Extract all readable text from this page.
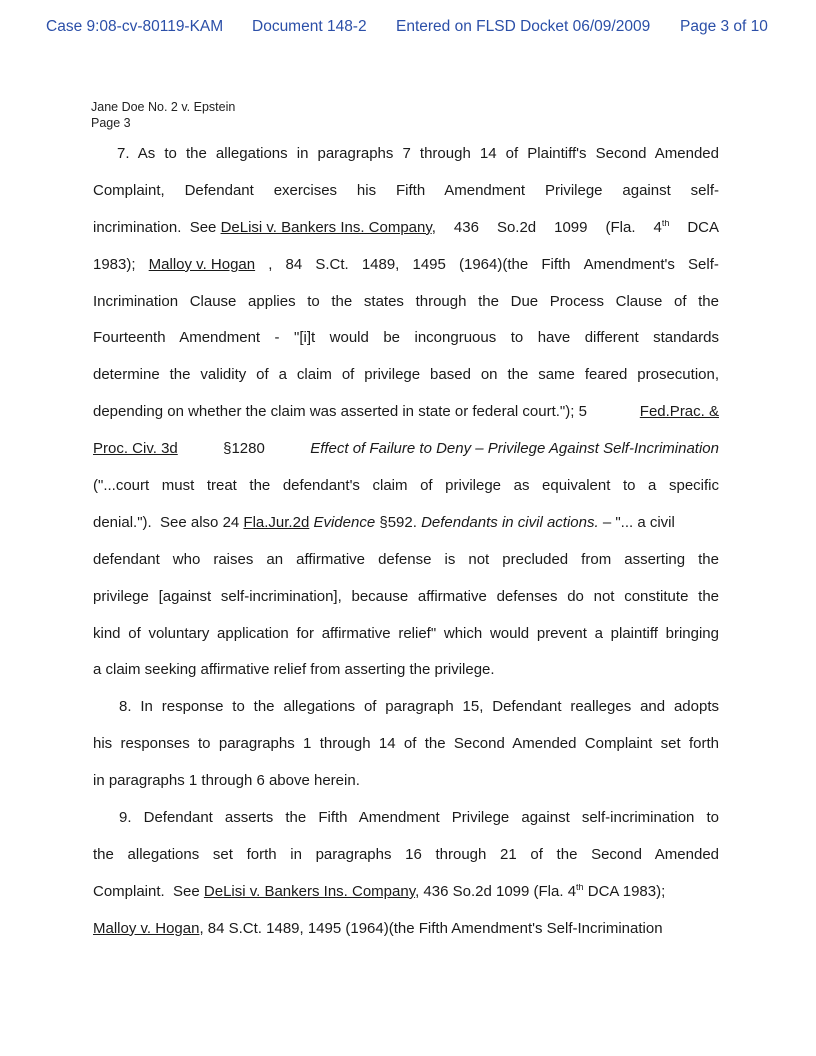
Case 9:08-cv-80119-KAM Document 148-2 Entered on FLSD Docket 06/09/2009 Page 3 of 10
Jane Doe No. 2 v. Epstein
Page 3
7. As to the allegations in paragraphs 7 through 14 of Plaintiff's Second Amended
Complaint, Defendant exercises his Fifth Amendment Privilege against self-
incrimination.  See DeLisi v. Bankers Ins. Company, 436 So.2d 1099 (Fla. 4th DCA
1983); Malloy v. Hogan , 84 S.Ct. 1489, 1495 (1964)(the Fifth Amendment's Self-
Incrimination Clause applies to the states through the Due Process Clause of the
Fourteenth Amendment - "[i]t would be incongruous to have different standards
determine the validity of a claim of privilege based on the same feared prosecution,
depending on whether the claim was asserted in state or federal court."); 5	Fed.Prac. &
Proc. Civ. 3d	§1280	Effect of Failure to Deny – Privilege Against Self-Incrimination
("...court must treat the defendant's claim of privilege as equivalent to a specific
denial.").  See also 24 Fla.Jur.2d Evidence §592. Defendants in civil actions. – "... a civil
defendant who raises an affirmative defense is not precluded from asserting the
privilege [against self-incrimination], because affirmative defenses do not constitute the
kind of voluntary application for affirmative relief" which would prevent a plaintiff bringing
a claim seeking affirmative relief from asserting the privilege.
8. In response to the allegations of paragraph 15, Defendant realleges and adopts
his responses to paragraphs 1 through 14 of the Second Amended Complaint set forth
in paragraphs 1 through 6 above herein.
9. Defendant asserts the Fifth Amendment Privilege against self-incrimination to
the allegations set forth in paragraphs 16 through 21 of the Second Amended
Complaint.  See DeLisi v. Bankers Ins. Company, 436 So.2d 1099 (Fla. 4th DCA 1983);
Malloy v. Hogan, 84 S.Ct. 1489, 1495 (1964)(the Fifth Amendment's Self-Incrimination
